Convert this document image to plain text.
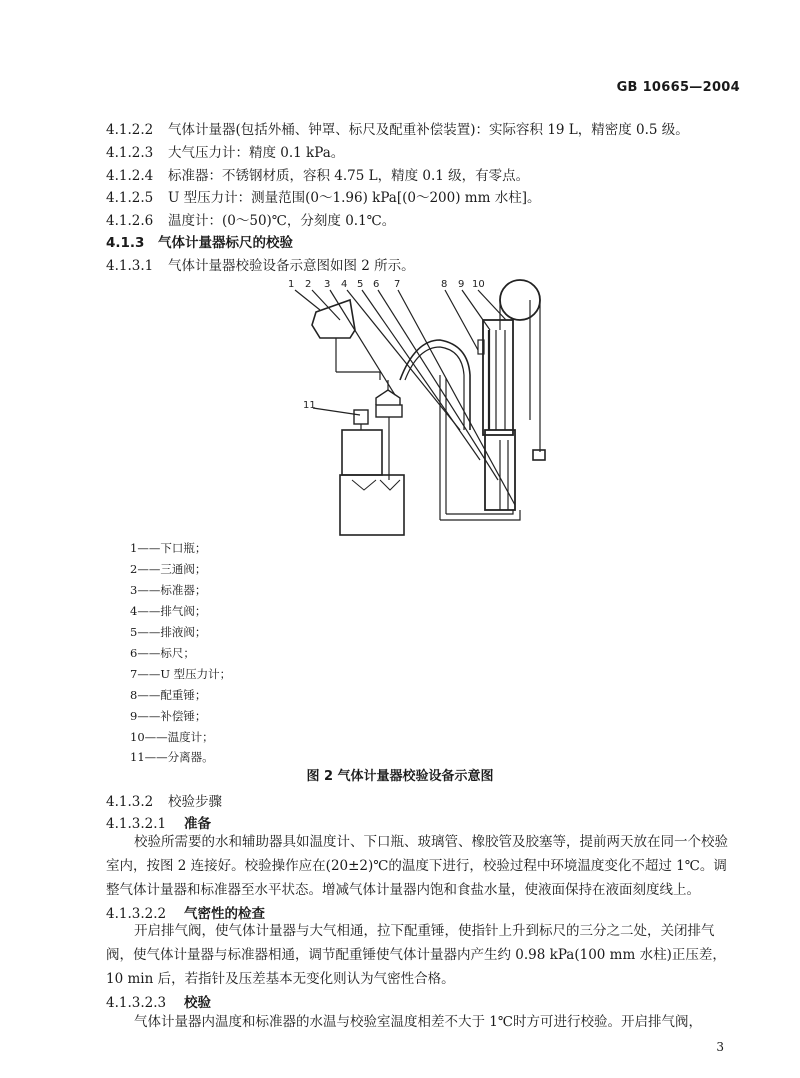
GB 10665—2004
4.1.2.2 气体计量器(包括外桶、钟罩、标尺及配重补偿装置)：实际容积 19 L，精密度 0.5 级。
4.1.2.3 大气压力计：精度 0.1 kPa。
4.1.2.4 标准器：不锈钢材质，容积 4.75 L，精度 0.1 级，有零点。
4.1.2.5 U 型压力计：测量范围(0～1.96) kPa[(0～200) mm 水柱]。
4.1.2.6 温度计：(0～50)℃，分刻度 0.1℃。
4.1.3 气体计量器标尺的校验
4.1.3.1 气体计量器校验设备示意图如图 2 所示。
1 2 3 4 5 6 7	8 9 10
11
1——下口瓶；
2——三通阀；
3——标准器；
4——排气阀；
5——排液阀；
6——标尺；
7——U 型压力计；
8——配重锤；
9——补偿锤；
10——温度计；
11——分离器。
图 2 气体计量器校验设备示意图
4.1.3.2 校验步骤
4.1.3.2.1 准备
校验所需要的水和辅助器具如温度计、下口瓶、玻璃管、橡胶管及胶塞等，提前两天放在同一个校验室内，按图 2 连接好。校验操作应在(20±2)℃的温度下进行，校验过程中环境温度变化不超过 1℃。调整气体计量器和标准器至水平状态。增减气体计量器内饱和食盐水量，使液面保持在液面刻度线上。
4.1.3.2.2 气密性的检查
开启排气阀，使气体计量器与大气相通，拉下配重锤，使指针上升到标尺的三分之二处，关闭排气阀，使气体计量器与标准器相通，调节配重锤使气体计量器内产生约 0.98 kPa(100 mm 水柱)正压差，10 min 后，若指针及压差基本无变化则认为气密性合格。
4.1.3.2.3 校验
气体计量器内温度和标准器的水温与校验室温度相差不大于 1℃时方可进行校验。开启排气阀，
3
